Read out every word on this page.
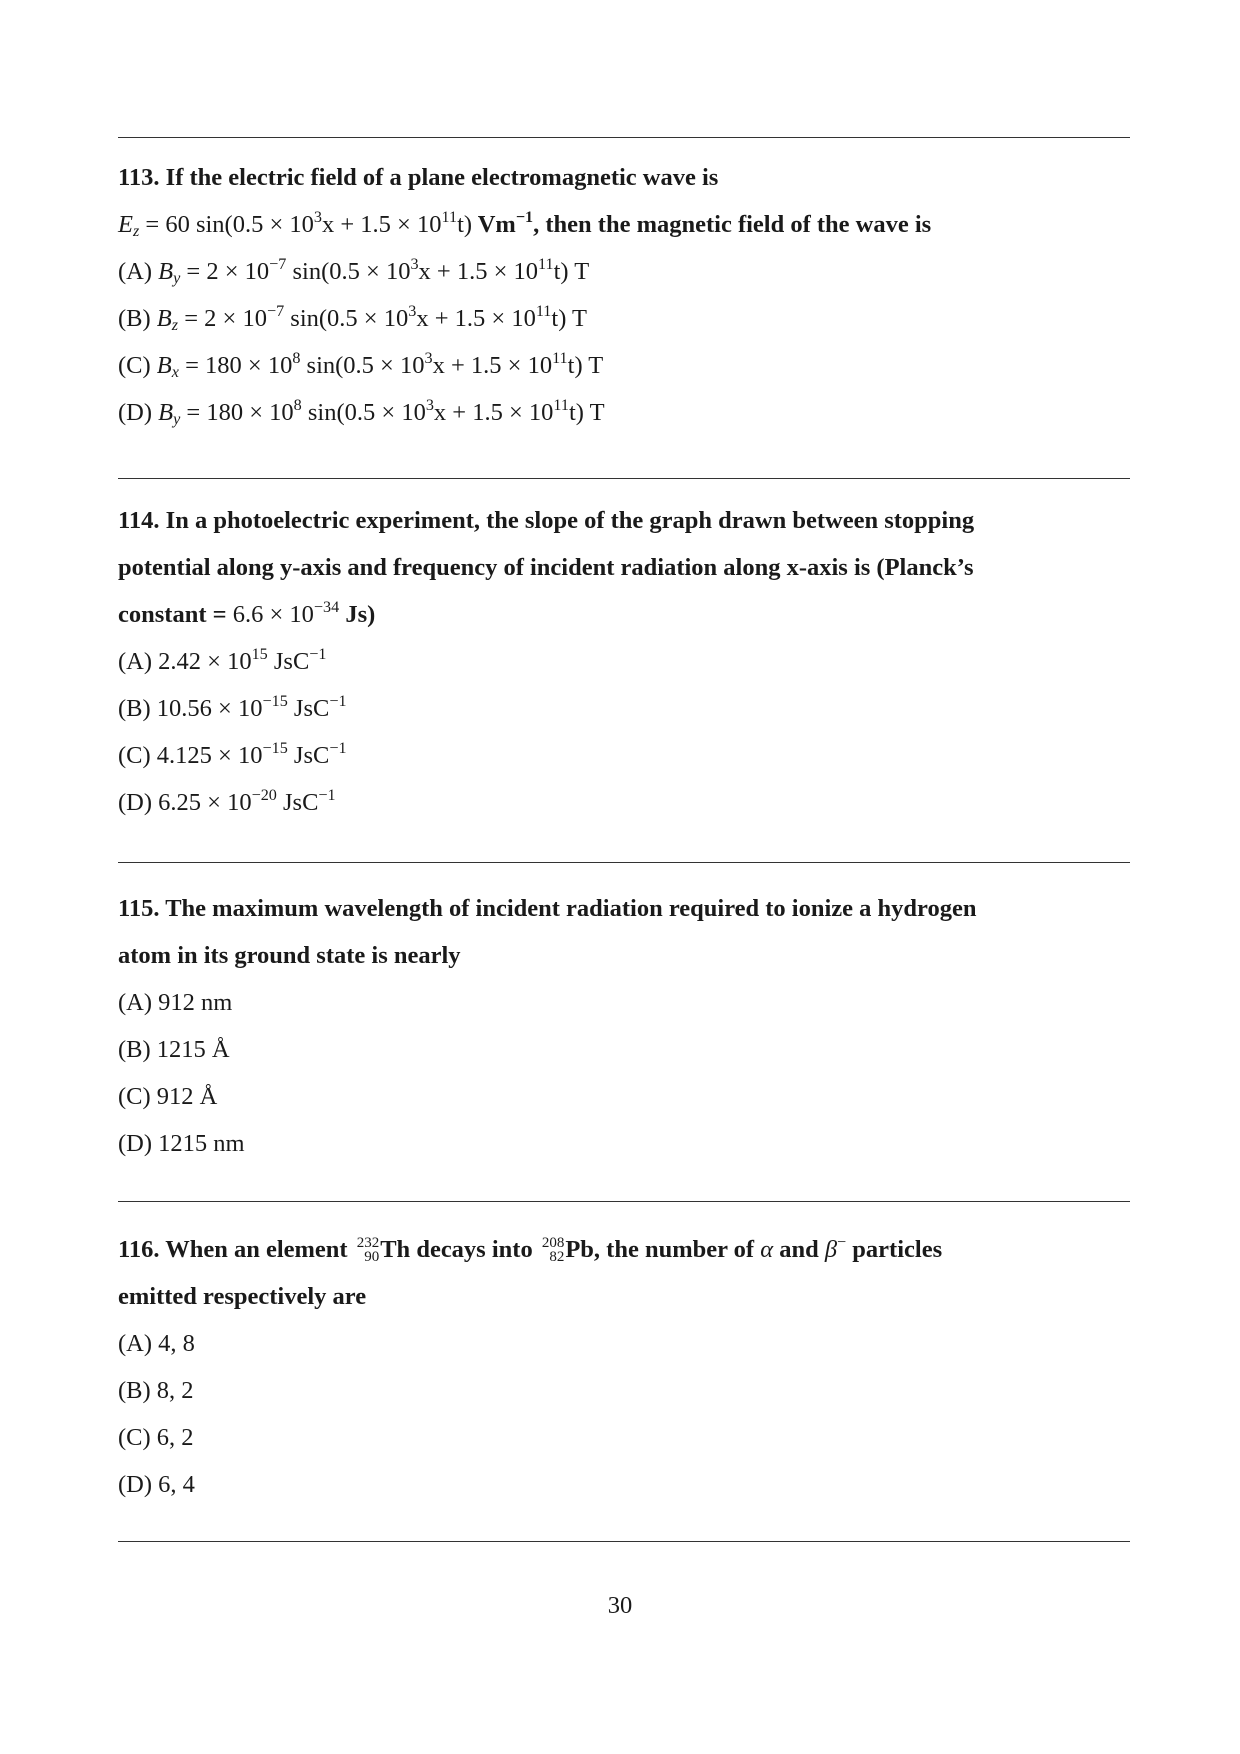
113. If the electric field of a plane electromagnetic wave is
$E_z = 60$ $\sin(0.5 \times 10^3x + 1.5 \times 10^{11}t)$ $Vm^{-1}$, then the magnetic field of the wave is
(A) $B_y = 2 \times 10^{-7}$ $\sin(0.5 \times 10^3x + 1.5 \times 10^{11}t)$ T
(B) $B_z = 2 \times 10^{-7}$ $\sin(0.5 \times 10^3x + 1.5 \times 10^{11}t)$ T
(C) $B_x = 180 \times 10^8$ $\sin(0.5 \times 10^3x + 1.5 \times 10^{11}t)$ T
(D) $B_y = 180 \times 10^8$ $\sin(0.5 \times 10^3x + 1.5 \times 10^{11}t)$ T
114. In a photoelectric experiment, the slope of the graph drawn between stopping
potential along y-axis and frequency of incident radiation along x-axis is (Planck’s
constant = $6.6 \times 10^{-34}$ Js)
(A) $2.42 \times 10^{15}$ JsC$^{-1}$
(B) $10.56 \times 10^{-15}$ JsC$^{-1}$
(C) $4.125 \times 10^{-15}$ JsC$^{-1}$
(D) $6.25 \times 10^{-20}$ JsC$^{-1}$
115. The maximum wavelength of incident radiation required to ionize a hydrogen
atom in its ground state is nearly
(A) 912 nm
(B) 1215 Å
(C) 912 Å
(D) 1215 nm
116. When an element 232
90 Th decays into 208
82 Pb, the number of α and β− particles
emitted respectively are
(A) 4, 8
(B) 8, 2
(C) 6, 2
(D) 6, 4
30
